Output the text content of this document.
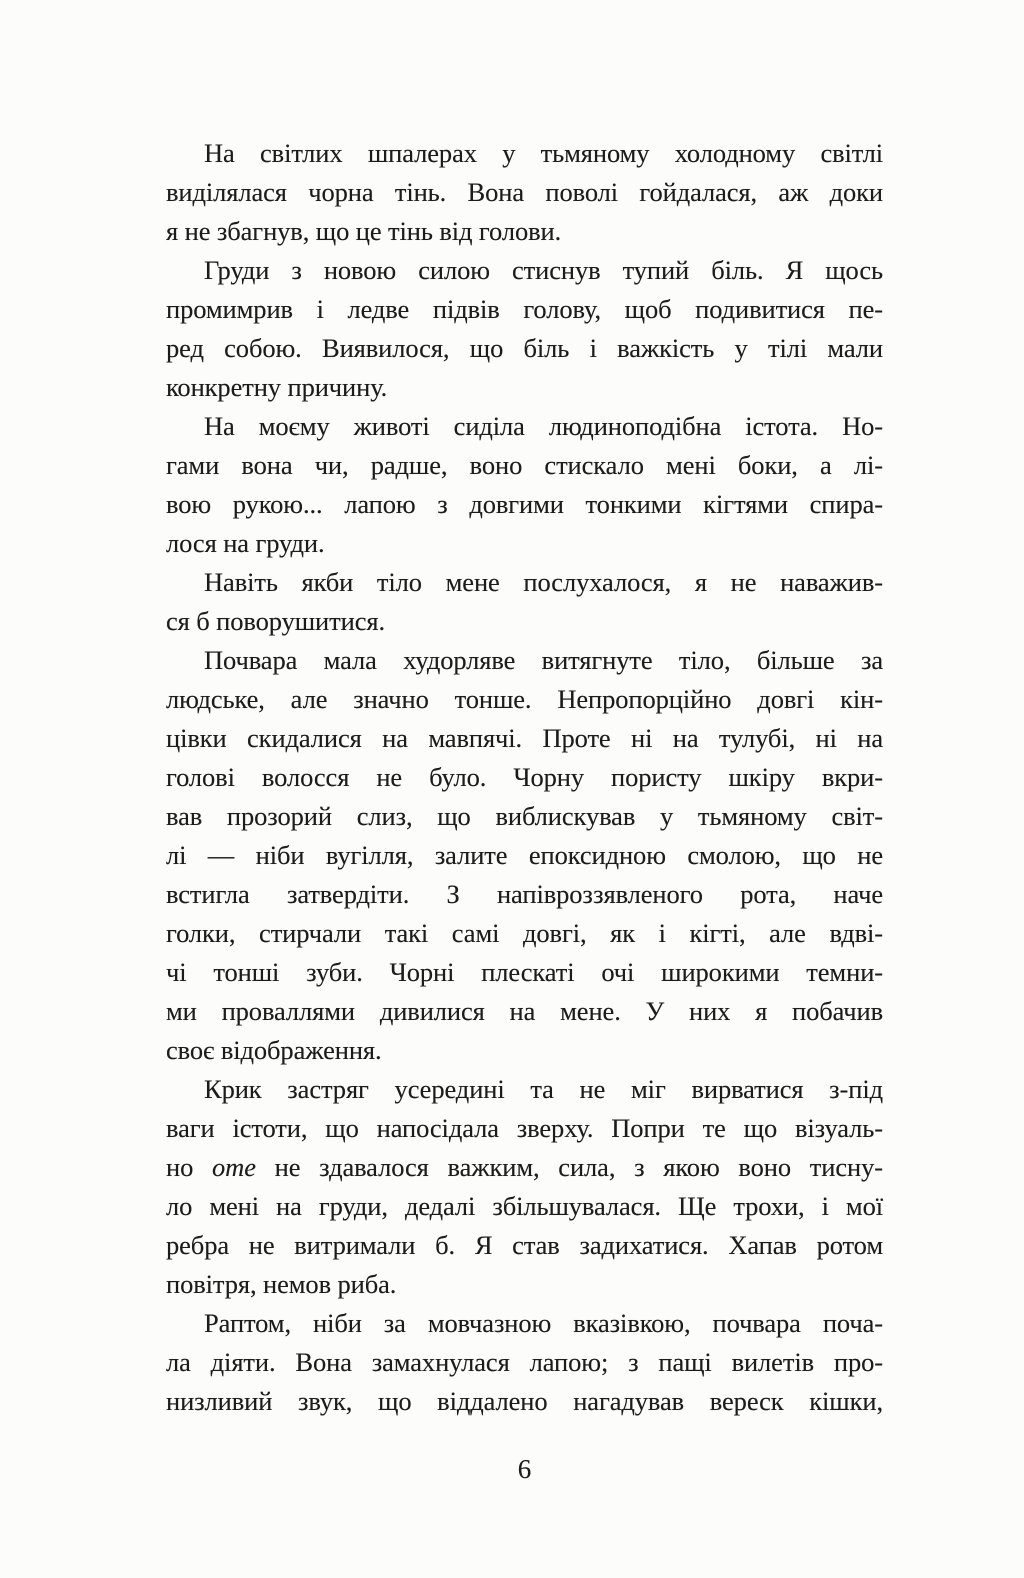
На світлих шпалерах у тьмяному холодному світлі
виділялася чорна тінь. Вона поволі гойдалася, аж доки
я не збагнув, що це тінь від голови.
Груди з новою силою стиснув тупий біль. Я щось
промимрив і ледве підвів голову, щоб подивитися пе-
ред собою. Виявилося, що біль і важкість у тілі мали
конкретну причину.
На моєму животі сиділа людиноподібна істота. Но-
гами вона чи, радше, воно стискало мені боки, а лі-
вою рукою... лапою з довгими тонкими кігтями спира-
лося на груди.
Навіть якби тіло мене послухалося, я не наважив-
ся б поворушитися.
Почвара мала худорляве витягнуте тіло, більше за
людське, але значно тонше. Непропорційно довгі кін-
цівки скидалися на мавпячі. Проте ні на тулубі, ні на
голові волосся не було. Чорну пористу шкіру вкри-
вав прозорий слиз, що виблискував у тьмяному світ-
лі — ніби вугілля, залите епоксидною смолою, що не
встигла затвердіти. З напівроззявленого рота, наче
голки, стирчали такі самі довгі, як і кігті, але вдві-
чі тонші зуби. Чорні плескаті очі широкими темни-
ми проваллями дивилися на мене. У них я побачив
своє відображення.
Крик застряг усередині та не міг вирватися з-під
ваги істоти, що напосідала зверху. Попри те що візуаль-
но оте не здавалося важким, сила, з якою воно тисну-
ло мені на груди, дедалі збільшувалася. Ще трохи, і мої
ребра не витримали б. Я став задихатися. Хапав ротом
повітря, немов риба.
Раптом, ніби за мовчазною вказівкою, почвара поча-
ла діяти. Вона замахнулася лапою; з пащі вилетів про-
низливий звук, що віддалено нагадував вереск кішки,
6
